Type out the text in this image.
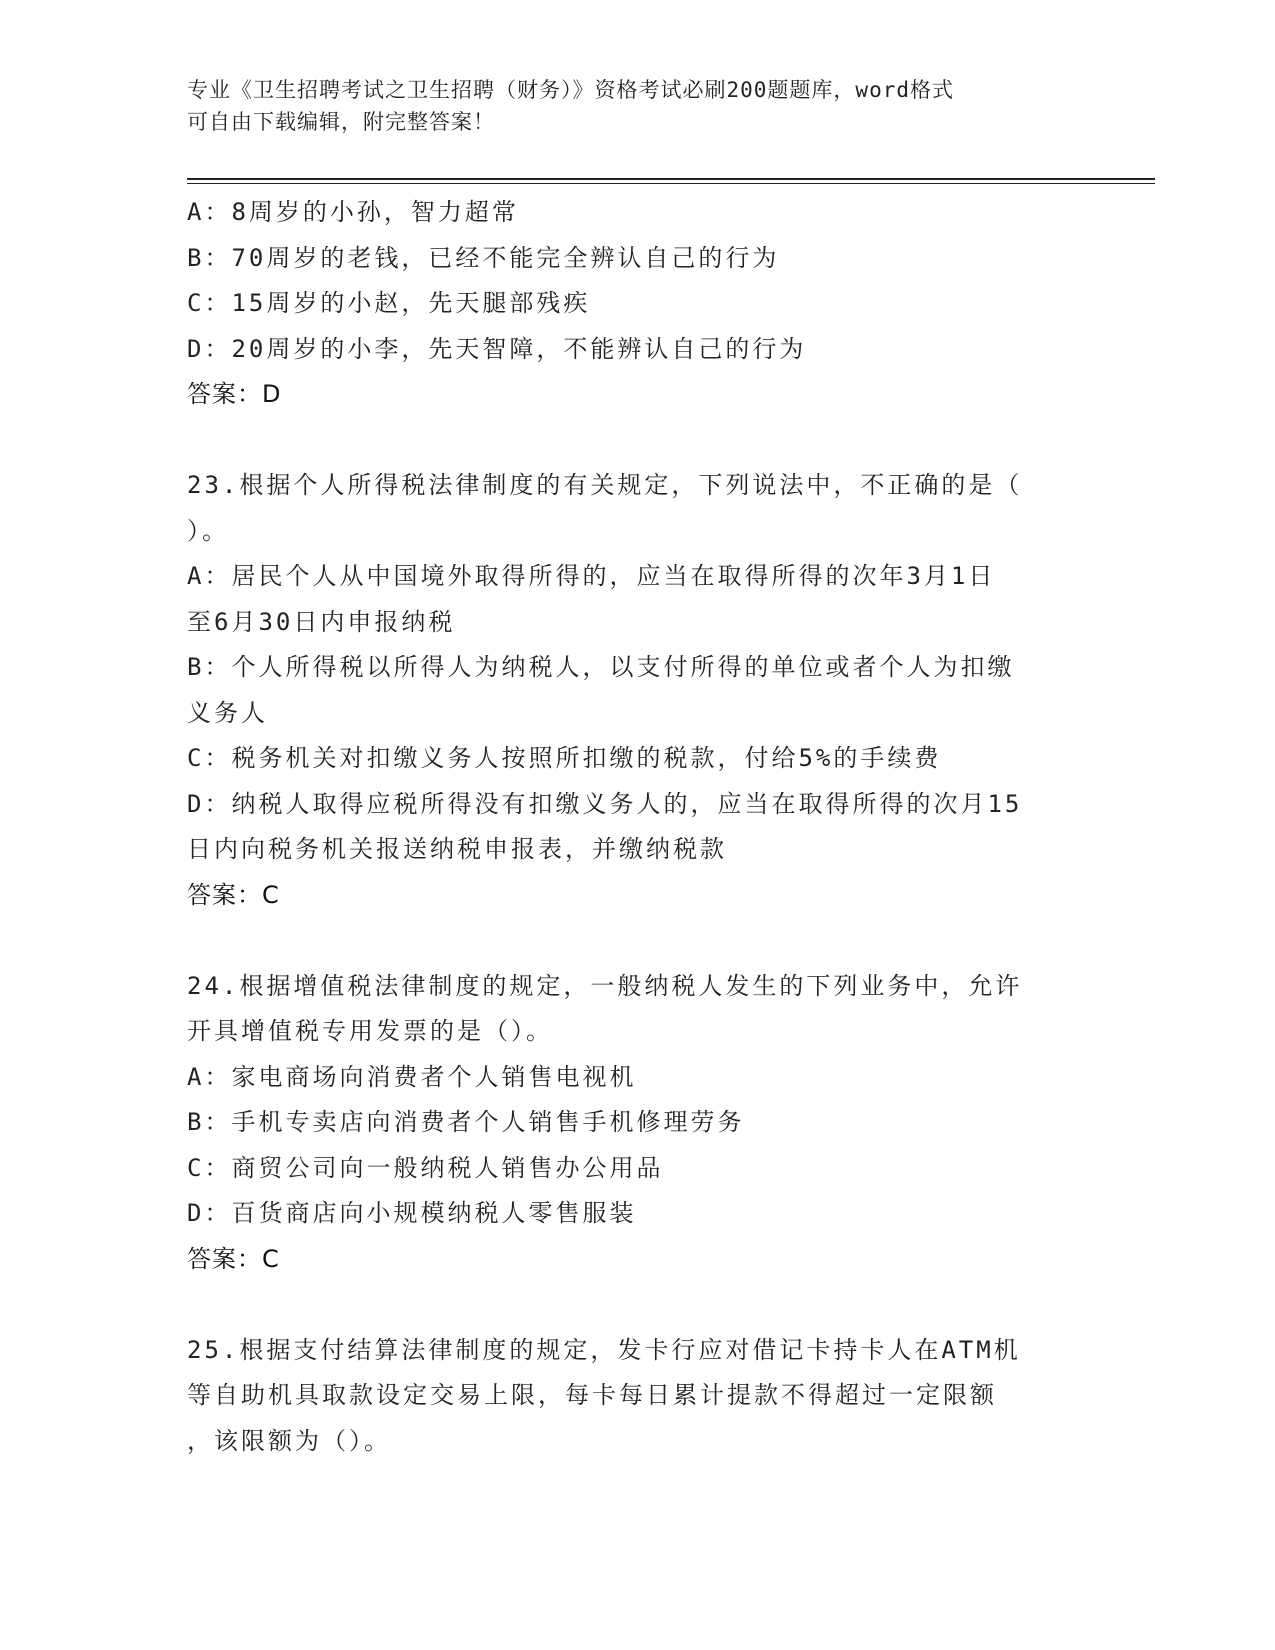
专业《卫生招聘考试之卫生招聘（财务）》资格考试必刷200题题库，word格式
可自由下载编辑，附完整答案！
A：8周岁的小孙，智力超常
B：70周岁的老钱，已经不能完全辨认自己的行为
C：15周岁的小赵，先天腿部残疾
D：20周岁的小李，先天智障，不能辨认自己的行为
答案：D
23.根据个人所得税法律制度的有关规定，下列说法中，不正确的是（
）。
A：居民个人从中国境外取得所得的，应当在取得所得的次年3月1日
至6月30日内申报纳税
B：个人所得税以所得人为纳税人，以支付所得的单位或者个人为扣缴
义务人
C：税务机关对扣缴义务人按照所扣缴的税款，付给5%的手续费
D：纳税人取得应税所得没有扣缴义务人的，应当在取得所得的次月15
日内向税务机关报送纳税申报表，并缴纳税款
答案：C
24.根据增值税法律制度的规定，一般纳税人发生的下列业务中，允许
开具增值税专用发票的是（）。
A：家电商场向消费者个人销售电视机
B：手机专卖店向消费者个人销售手机修理劳务
C：商贸公司向一般纳税人销售办公用品
D：百货商店向小规模纳税人零售服装
答案：C
25.根据支付结算法律制度的规定，发卡行应对借记卡持卡人在ATM机
等自助机具取款设定交易上限，每卡每日累计提款不得超过一定限额
，该限额为（）。
